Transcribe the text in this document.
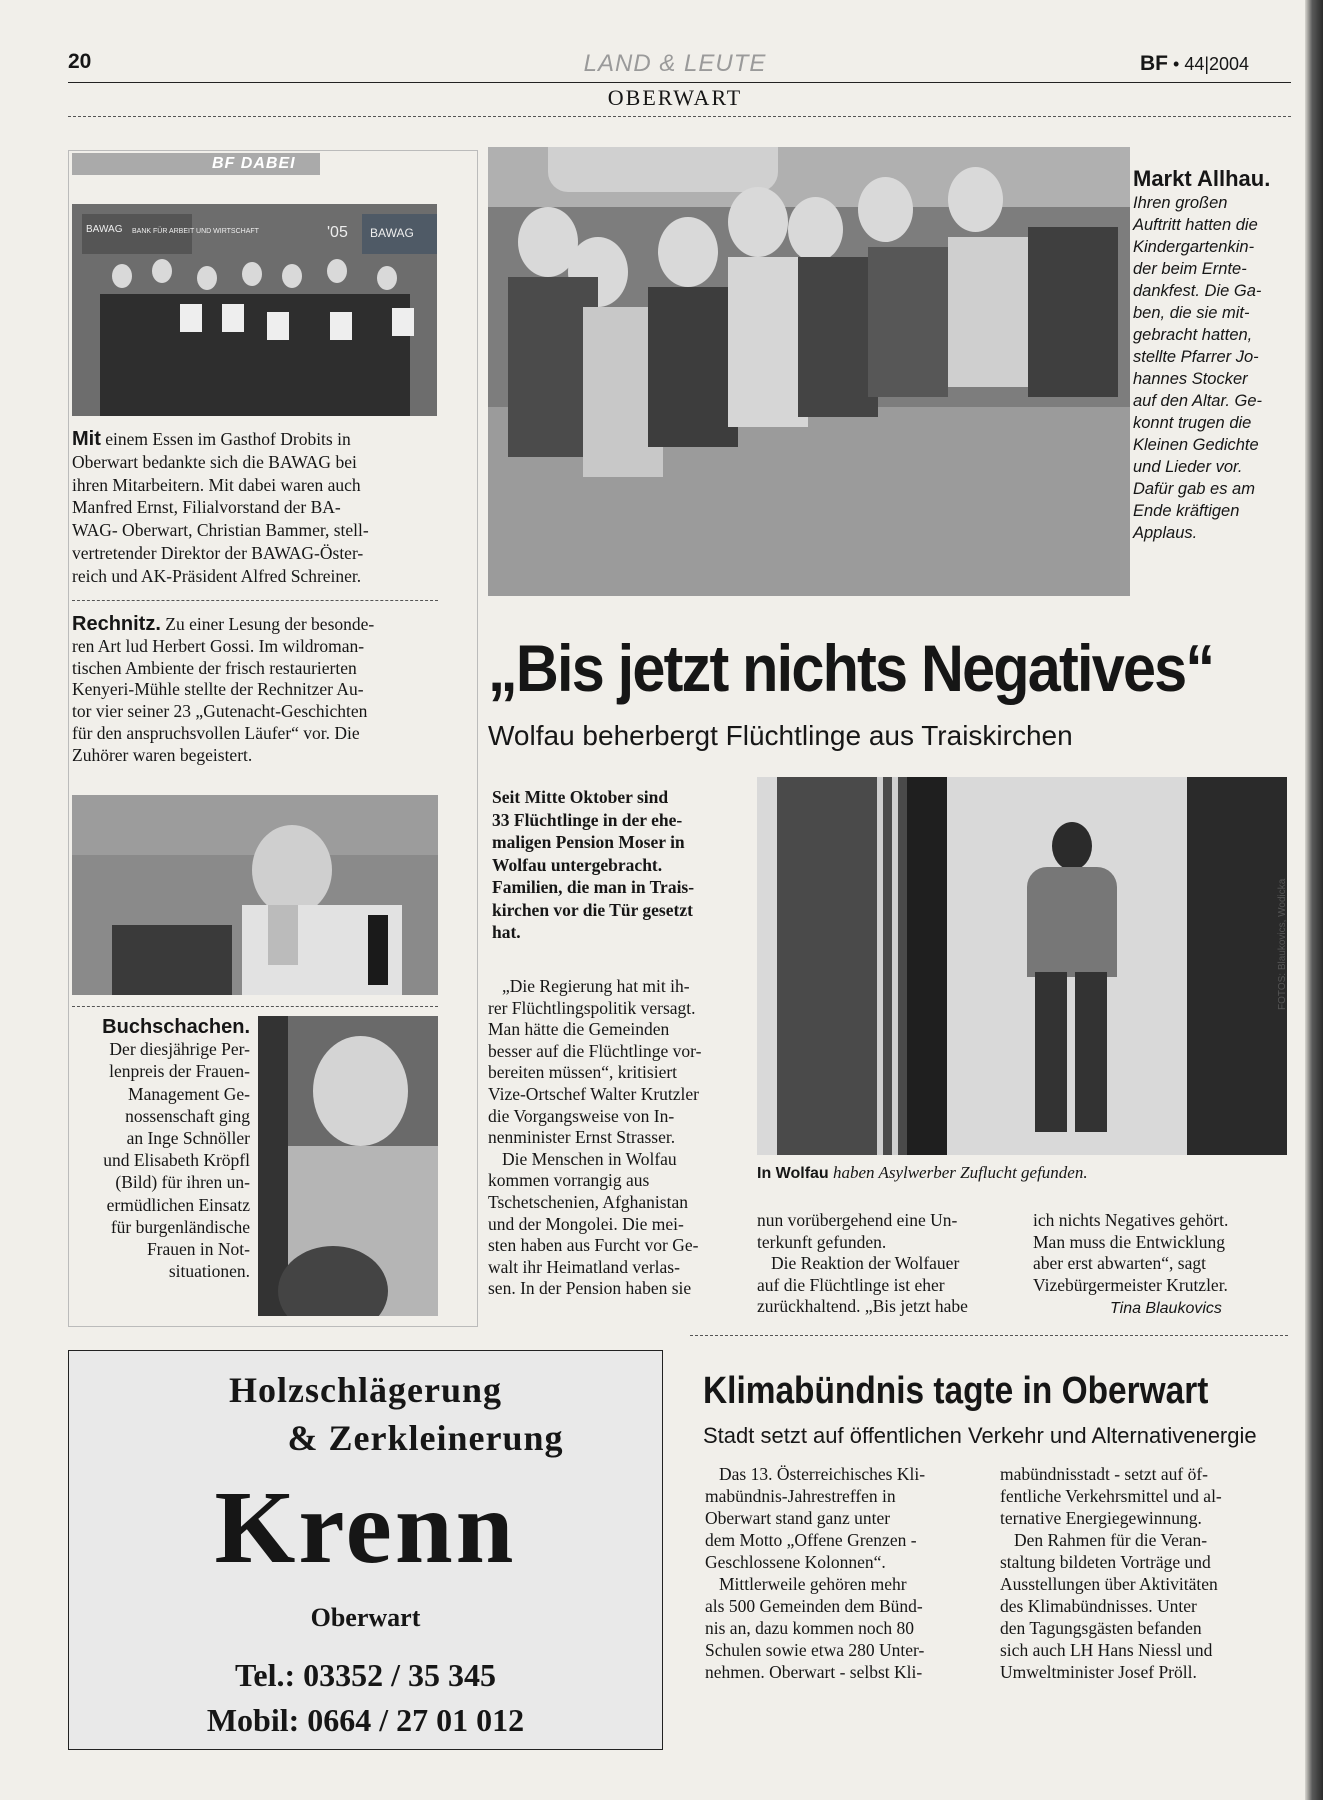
20	LAND & LEUTE	BF • 44|2004
OBERWART
BF DABEI
BAWAG BANK FÜR ARBEIT UND WIRTSCHAFT	BAWAG
'05
Mit einem Essen im Gasthof Drobits in
Oberwart bedankte sich die BAWAG bei
ihren Mitarbeitern. Mit dabei waren auch
Manfred Ernst, Filialvorstand der BA-
WAG- Oberwart, Christian Bammer, stell-
vertretender Direktor der BAWAG-Öster-
reich und AK-Präsident Alfred Schreiner.
Rechnitz. Zu einer Lesung der besonde-
ren Art lud Herbert Gossi. Im wildroman-
tischen Ambiente der frisch restaurierten
Kenyeri-Mühle stellte der Rechnitzer Au-
tor vier seiner 23 „Gutenacht-Geschichten
für den anspruchsvollen Läufer“ vor. Die
Zuhörer waren begeistert.
Buchschachen.
Der diesjährige Per-
lenpreis der Frauen-
Management Ge-
nossenschaft ging
an Inge Schnöller
und Elisabeth Kröpfl
(Bild) für ihren un-
ermüdlichen Einsatz
für burgenländische
Frauen in Not-
situationen.
Markt Allhau.
Ihren großen
Auftritt hatten die
Kindergartenkin-
der beim Ernte-
dankfest. Die Ga-
ben, die sie mit-
gebracht hatten,
stellte Pfarrer Jo-
hannes Stocker
auf den Altar. Ge-
konnt trugen die
Kleinen Gedichte
und Lieder vor.
Dafür gab es am
Ende kräftigen
Applaus.
„Bis jetzt nichts Negatives“
Wolfau beherbergt Flüchtlinge aus Traiskirchen
Seit Mitte Oktober sind
33 Flüchtlinge in der ehe-
maligen Pension Moser in
Wolfau untergebracht.
Familien, die man in Trais-
kirchen vor die Tür gesetzt
hat.
„Die Regierung hat mit ih-
rer Flüchtlingspolitik versagt.
Man hätte die Gemeinden
besser auf die Flüchtlinge vor-
bereiten müssen“, kritisiert
Vize-Ortschef Walter Krutzler
die Vorgangsweise von In-
nenminister Ernst Strasser.
Die Menschen in Wolfau
kommen vorrangig aus
Tschetschenien, Afghanistan
und der Mongolei. Die mei-
sten haben aus Furcht vor Ge-
walt ihr Heimatland verlas-
sen. In der Pension haben sie
In Wolfau haben Asylwerber Zuflucht gefunden.
FOTOS: Blaukovics, Wodicka
nun vorübergehend eine Un-
terkunft gefunden.
Die Reaktion der Wolfauer
auf die Flüchtlinge ist eher
zurückhaltend. „Bis jetzt habe
ich nichts Negatives gehört.
Man muss die Entwicklung
aber erst abwarten“, sagt
Vizebürgermeister Krutzler.
Tina Blaukovics
Holzschlägerung
& Zerkleinerung
Krenn
Oberwart
Tel.: 03352 / 35 345
Mobil: 0664 / 27 01 012
Klimabündnis tagte in Oberwart
Stadt setzt auf öffentlichen Verkehr und Alternativenergie
Das 13. Österreichisches Kli-
mabündnis-Jahrestreffen in
Oberwart stand ganz unter
dem Motto „Offene Grenzen -
Geschlossene Kolonnen“.
Mittlerweile gehören mehr
als 500 Gemeinden dem Bünd-
nis an, dazu kommen noch 80
Schulen sowie etwa 280 Unter-
nehmen. Oberwart - selbst Kli-
mabündnisstadt - setzt auf öf-
fentliche Verkehrsmittel und al-
ternative Energiegewinnung.
Den Rahmen für die Veran-
staltung bildeten Vorträge und
Ausstellungen über Aktivitäten
des Klimabündnisses. Unter
den Tagungsgästen befanden
sich auch LH Hans Niessl und
Umweltminister Josef Pröll.
